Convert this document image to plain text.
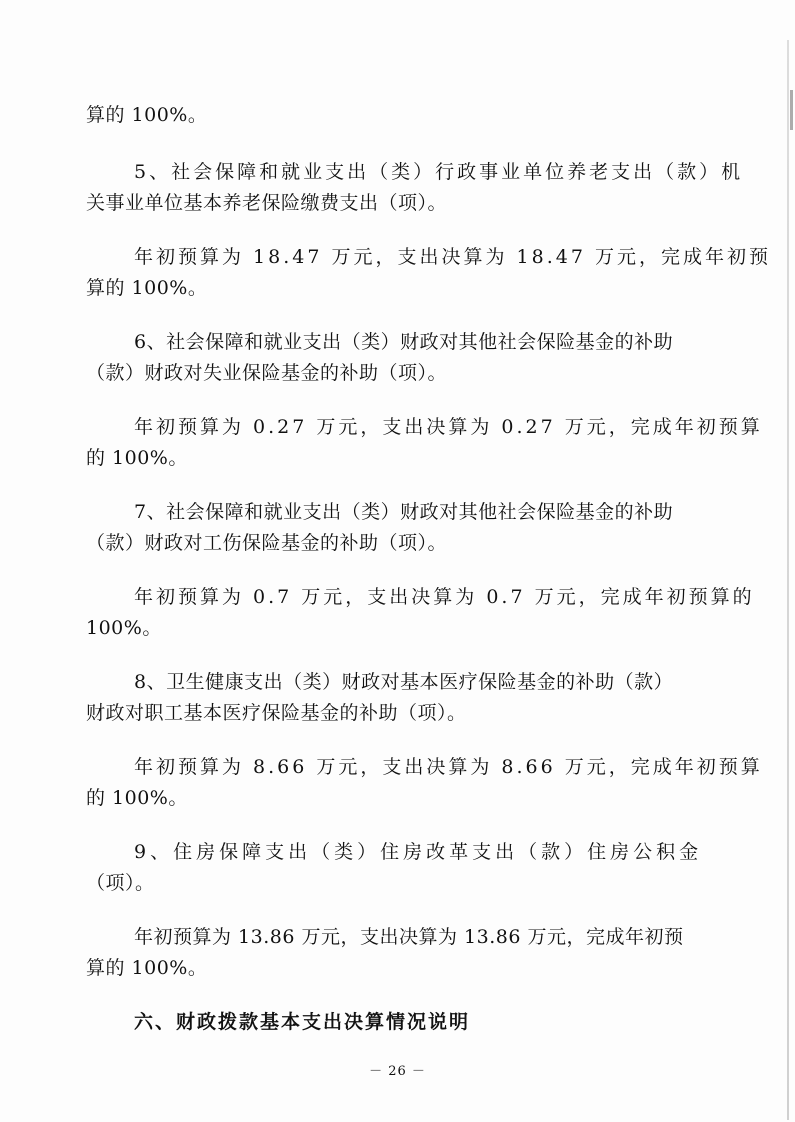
算的 100%。
5、社会保障和就业支出（类）行政事业单位养老支出（款）机
关事业单位基本养老保险缴费支出（项）。
年初预算为 18.47 万元，支出决算为 18.47 万元，完成年初预
算的 100%。
6、社会保障和就业支出（类）财政对其他社会保险基金的补助
（款）财政对失业保险基金的补助（项）。
年初预算为 0.27 万元，支出决算为 0.27 万元，完成年初预算
的 100%。
7、社会保障和就业支出（类）财政对其他社会保险基金的补助
（款）财政对工伤保险基金的补助（项）。
年初预算为 0.7 万元，支出决算为 0.7 万元，完成年初预算的
100%。
8、卫生健康支出（类）财政对基本医疗保险基金的补助（款）
财政对职工基本医疗保险基金的补助（项）。
年初预算为 8.66 万元，支出决算为 8.66 万元，完成年初预算
的 100%。
9、住房保障支出（类）住房改革支出（款）住房公积金
（项）。
年初预算为 13.86 万元，支出决算为 13.86 万元，完成年初预
算的 100%。
六、财政拨款基本支出决算情况说明
－ 26 －
